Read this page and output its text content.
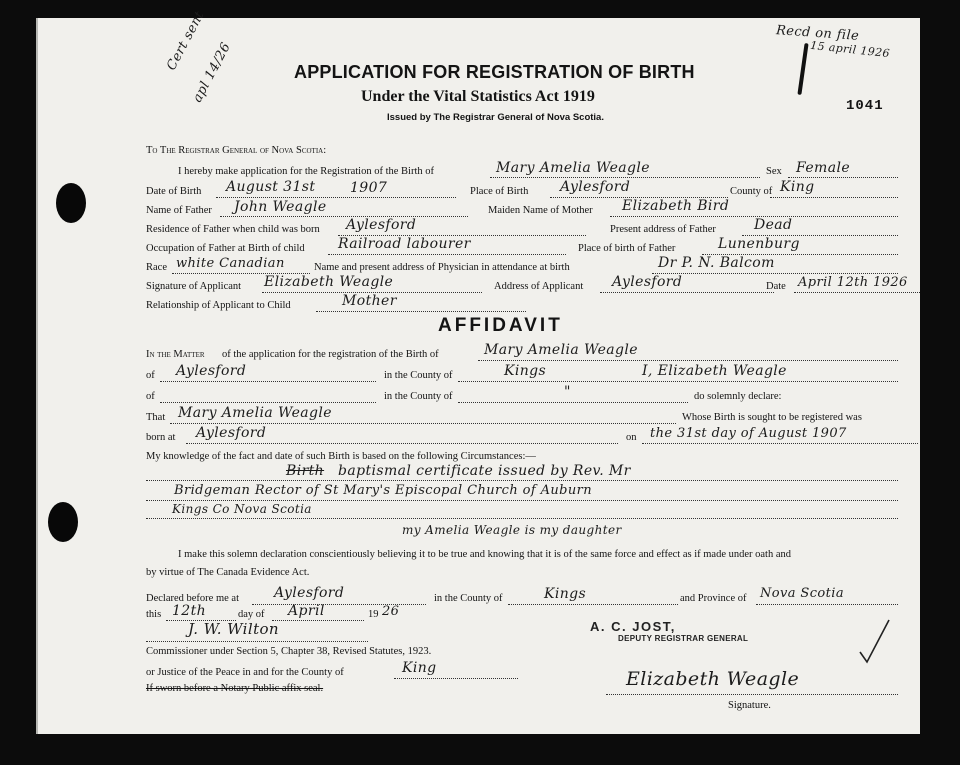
Cert sent
apl 14/26
Recd on file
15 april 1926
APPLICATION FOR REGISTRATION OF BIRTH
Under the Vital Statistics Act 1919
Issued by The Registrar General of Nova Scotia.
1041
To The Registrar General of Nova Scotia:
I hereby make application for the Registration of the Birth of	Mary Amelia Weagle	Sex Female
Date of Birth August 31st 1907	Place of Birth Aylesford	County of King
Name of Father John Weagle	Maiden Name of Mother Elizabeth Bird
Residence of Father when child was born Aylesford	Present address of Father	Dead
Occupation of Father at Birth of child Railroad labourer	Place of birth of Father	Lunenburg
Race white Canadian	Name and present address of Physician in attendance at birth	Dr P. N. Balcom
Signature of Applicant Elizabeth Weagle	Address of Applicant Aylesford	Date April 12th 1926
Relationship of Applicant to Child	Mother
AFFIDAVIT
In the Matter of the application for the registration of the Birth of	Mary Amelia Weagle
of Aylesford	in the County of	Kings	I, Elizabeth Weagle
of	in the County of	"	do solemnly declare:
That Mary Amelia Weagle	Whose Birth is sought to be registered was
born at Aylesford	on the 31st day of August 1907
My knowledge of the fact and date of such Birth is based on the following Circumstances:—
Birth baptismal certificate issued by Rev. Mr
Bridgeman Rector of St Mary's Episcopal Church of Auburn
Kings Co Nova Scotia
my Amelia Weagle is my daughter
I make this solemn declaration conscientiously believing it to be true and knowing that it is of the same force and effect as if made under oath and
by virtue of The Canada Evidence Act.
Declared before me at	Aylesford	in the County of	Kings	and Province of Nova Scotia
this 12th	day of April	19 26
J. W. Wilton	A. C. JOST,
DEPUTY REGISTRAR GENERAL
Commissioner under Section 5, Chapter 38, Revised Statutes, 1923.
or Justice of the Peace in and for the County of	King
If sworn before a Notary Public affix seal.	Elizabeth Weagle
Signature.
